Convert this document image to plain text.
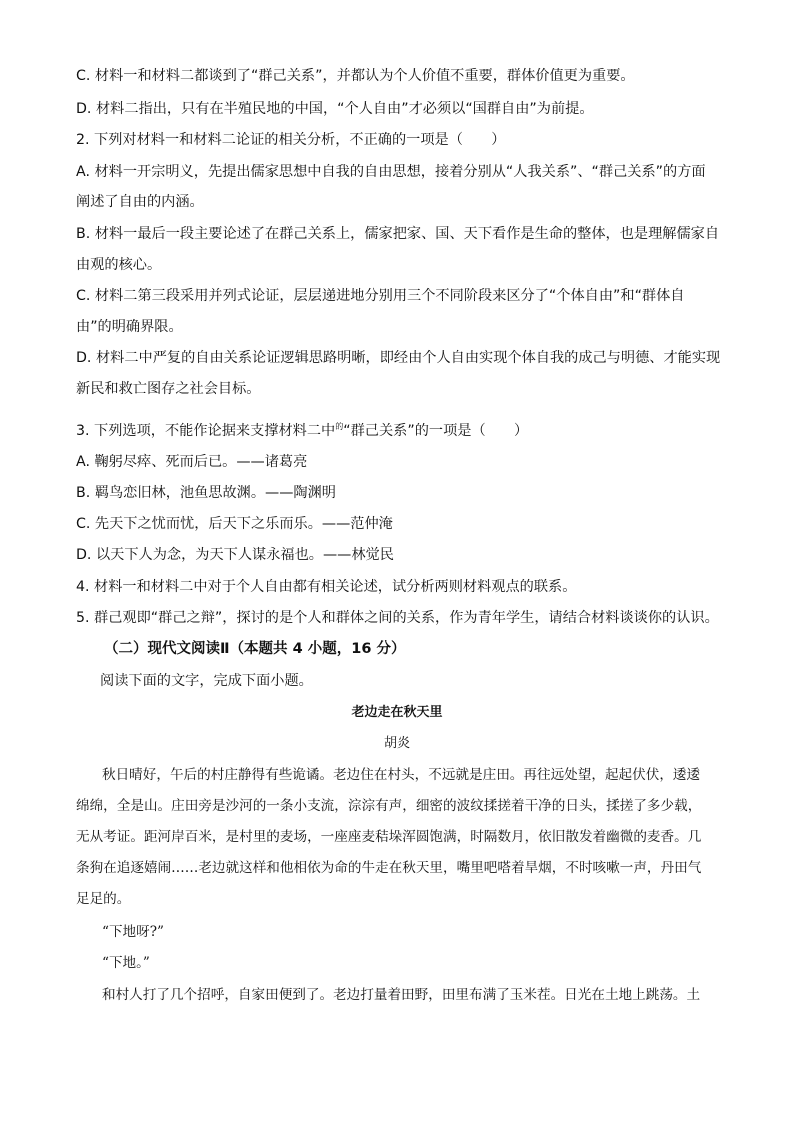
C. 材料一和材料二都谈到了“群己关系”，并都认为个人价值不重要，群体价值更为重要。
D. 材料二指出，只有在半殖民地的中国，“个人自由”才必须以“国群自由”为前提。
2. 下列对材料一和材料二论证的相关分析，不正确的一项是（　　）
A. 材料一开宗明义，先提出儒家思想中自我的自由思想，接着分别从“人我关系”、“群己关系”的方面
阐述了自由的内涵。
B. 材料一最后一段主要论述了在群己关系上，儒家把家、国、天下看作是生命的整体，也是理解儒家自
由观的核心。
C. 材料二第三段采用并列式论证，层层递进地分别用三个不同阶段来区分了“个体自由”和“群体自
由”的明确界限。
D. 材料二中严复的自由关系论证逻辑思路明晰，即经由个人自由实现个体自我的成己与明德、才能实现
新民和救亡图存之社会目标。
3. 下列选项，不能作论据来支撑材料二中$^的$“群己关系”的一项是（　　）
A. 鞠躬尽瘁、死而后已。——诸葛亮
B. 羁鸟恋旧林，池鱼思故渊。——陶渊明
C. 先天下之忧而忧，后天下之乐而乐。——范仲淹
D. 以天下人为念，为天下人谋永福也。——林觉民
4. 材料一和材料二中对于个人自由都有相关论述，试分析两则材料观点的联系。
5. 群己观即“群己之辩”，探讨的是个人和群体之间的关系，作为青年学生，请结合材料谈谈你的认识。
（二）现代文阅读Ⅱ（本题共 4 小题，16 分）
阅读下面的文字，完成下面小题。
老边走在秋天里
胡炎
秋日晴好，午后的村庄静得有些诡谲。老边住在村头，不远就是庄田。再往远处望，起起伏伏，逶逶
绵绵，全是山。庄田旁是沙河的一条小支流，淙淙有声，细密的波纹揉搓着干净的日头，揉搓了多少载，
无从考证。距河岸百米，是村里的麦场，一座座麦秸垛浑圆饱满，时隔数月，依旧散发着幽微的麦香。几
条狗在追逐嬉闹……老边就这样和他相依为命的牛走在秋天里，嘴里吧嗒着旱烟，不时咳嗽一声，丹田气
足足的。
“下地呀?”
“下地。”
和村人打了几个招呼，自家田便到了。老边打量着田野，田里布满了玉米茬。日光在土地上跳荡。土
